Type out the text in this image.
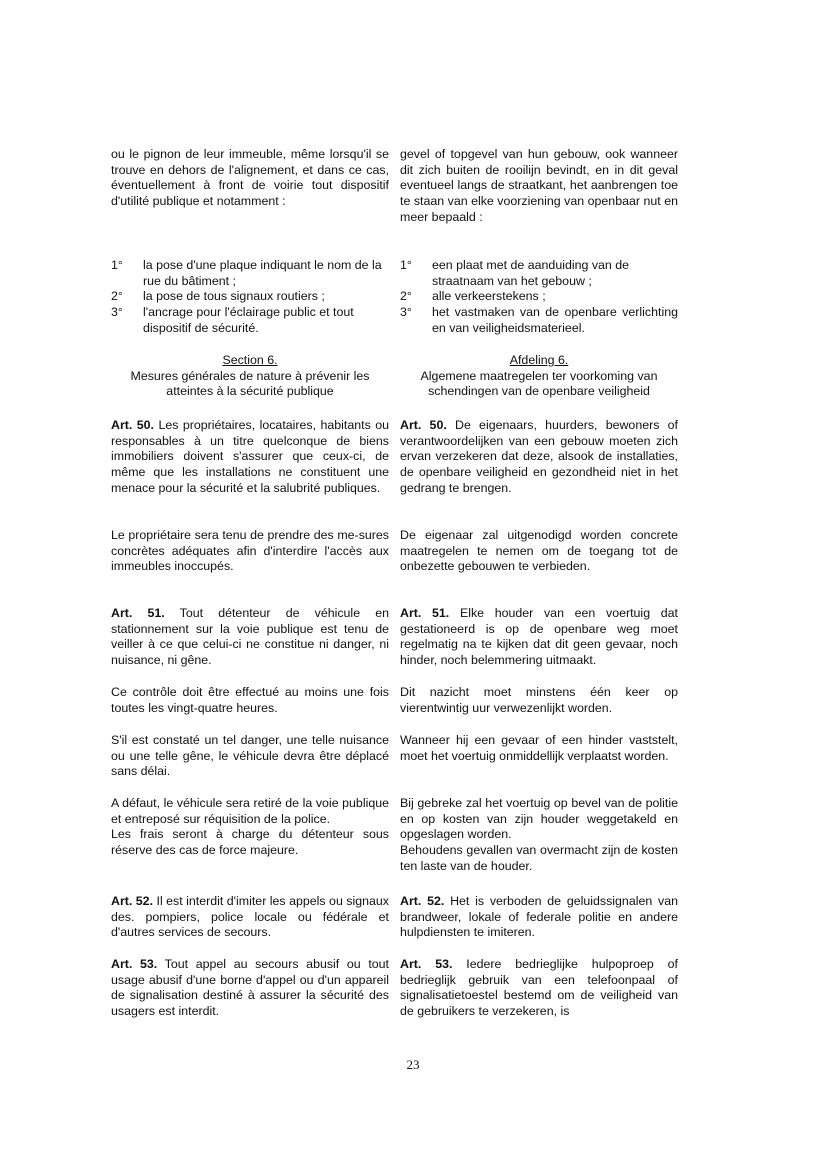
ou le pignon de leur immeuble, même lorsqu'il se trouve en dehors de l'alignement, et dans ce cas, éventuellement à front de voirie tout dispositif d'utilité publique et notamment :

1° la pose d'une plaque indiquant le nom de la rue du bâtiment ;
2° la pose de tous signaux routiers ;
3° l'ancrage pour l'éclairage public et tout dispositif de sécurité.
Section 6.
Mesures générales de nature à prévenir les atteintes à la sécurité publique

Art. 50. Les propriétaires, locataires, habitants ou responsables à un titre quelconque de biens immobiliers doivent s'assurer que ceux-ci, de même que les installations ne constituent une menace pour la sécurité et la salubrité publiques.

Le propriétaire sera tenu de prendre des me-sures concrètes adéquates afin d'interdire l'accès aux immeubles inoccupés.

Art. 51. Tout détenteur de véhicule en stationnement sur la voie publique est tenu de veiller à ce que celui-ci ne constitue ni danger, ni nuisance, ni gêne.

Ce contrôle doit être effectué au moins une fois toutes les vingt-quatre heures.

S'il est constaté un tel danger, une telle nuisance ou une telle gêne, le véhicule devra être déplacé sans délai.

A défaut, le véhicule sera retiré de la voie publique et entreposé sur réquisition de la police.
Les frais seront à charge du détenteur sous réserve des cas de force majeure.

Art. 52. Il est interdit d'imiter les appels ou signaux des. pompiers, police locale ou fédérale et d'autres services de secours.

Art. 53. Tout appel au secours abusif ou tout usage abusif d'une borne d'appel ou d'un appareil de signalisation destiné à assurer la sécurité des usagers est interdit.

gevel of topgevel van hun gebouw, ook wanneer dit zich buiten de rooilijn bevindt, en in dit geval eventueel langs de straatkant, het aanbrengen toe te staan van elke voorziening van openbaar nut en meer bepaald :

1° een plaat met de aanduiding van de straatnaam van het gebouw ;
2° alle verkeerstekens ;
3° het vastmaken van de openbare verlichting en van veiligheidsmaterieel.
Afdeling 6.
Algemene maatregelen ter voorkoming van schendingen van de openbare veiligheid

Art. 50. De eigenaars, huurders, bewoners of verantwoordelijken van een gebouw moeten zich ervan verzekeren dat deze, alsook de installaties, de openbare veiligheid en gezondheid niet in het gedrang te brengen.

De eigenaar zal uitgenodigd worden concrete maatregelen te nemen om de toegang tot de onbezette gebouwen te verbieden.

Art. 51. Elke houder van een voertuig dat gestationeerd is op de openbare weg moet regelmatig na te kijken dat dit geen gevaar, noch hinder, noch belemmering uitmaakt.

Dit nazicht moet minstens één keer op vierentwintig uur verwezenlijkt worden.

Wanneer hij een gevaar of een hinder vaststelt, moet het voertuig onmiddellijk verplaatst worden.

Bij gebreke zal het voertuig op bevel van de politie en op kosten van zijn houder weggetakeld en opgeslagen worden.
Behoudens gevallen van overmacht zijn de kosten ten laste van de houder.

Art. 52. Het is verboden de geluidssignalen van brandweer, lokale of federale politie en andere hulpdiensten te imiteren.

Art. 53. Iedere bedrieglijke hulpoproep of bedrieglijk gebruik van een telefoonpaal of signalisatietoestel bestemd om de veiligheid van de gebruikers te verzekeren, is

23
